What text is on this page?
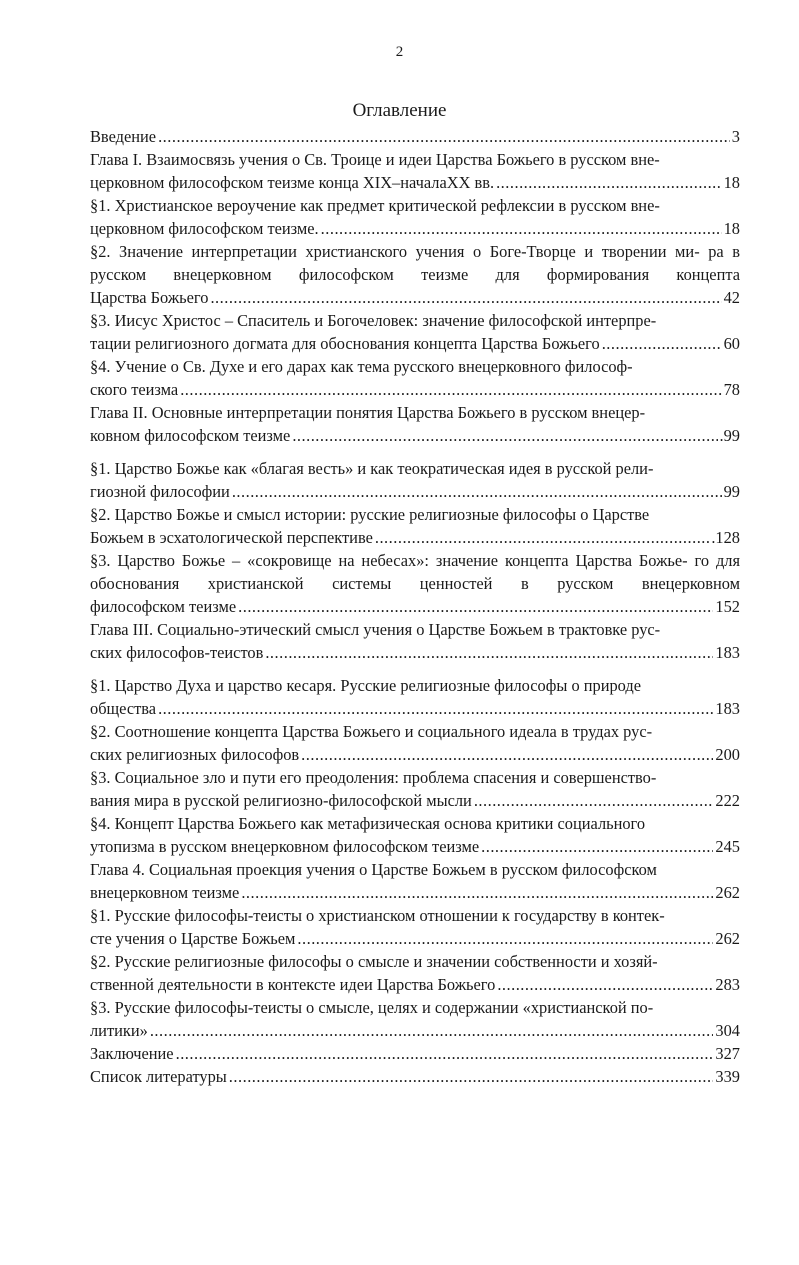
2
Оглавление
Введение .....	3
Глава I. Взаимосвязь учения о Св. Троице и идеи Царства Божьего в русском вне-
церковном философском теизме конца XIX–началаXX вв. .....	18
§1. Христианское вероучение как предмет критической рефлексии в русском вне-
церковном философском теизме. .....	18
§2. Значение интерпретации христианского учения о Боге-Творце и творении ми- ра в русском внецерковном философском теизме для формирования концепта
Царства Божьего .....	42
§3. Иисус Христос – Спаситель и Богочеловек: значение философской интерпре-
тации религиозного догмата для обоснования концепта Царства Божьего .....	60
§4. Учение о Св. Духе и его дарах как тема русского внецерковного философ-
ского теизма .....	78
Глава II. Основные интерпретации понятия Царства Божьего в русском внецер-
ковном философском теизме .....	.99
§1. Царство Божье как «благая весть» и как теократическая идея в русской рели-
гиозной философии .....	99
§2. Царство Божье и смысл истории: русские религиозные философы о Царстве
Божьем в эсхатологической перспективе .....	.128
§3. Царство Божье – «сокровище на небесах»: значение концепта Царства Божье- го для обоснования христианской системы ценностей в русском внецерковном
философском теизме .....	152
Глава III. Социально-этический смысл учения о Царстве Божьем в трактовке рус-
ских философов-теистов .....	183
§1. Царство Духа и царство кесаря. Русские религиозные философы о природе
общества .....	183
§2. Соотношение концепта Царства Божьего и социального идеала в трудах рус-
ских религиозных философов .....	200
§3. Социальное зло и пути его преодоления: проблема спасения и совершенство-
вания мира в русской религиозно-философской мысли .....	222
§4. Концепт Царства Божьего как метафизическая основа критики социального
утопизма в русском внецерковном философском теизме .....	245
Глава 4. Социальная проекция учения о Царстве Божьем в русском философском
внецерковном теизме .....	262
§1. Русские философы-теисты о христианском отношении к государству в контек-
сте учения о Царстве Божьем .....	262
§2. Русские религиозные философы о смысле и значении собственности и хозяй-
ственной деятельности в контексте идеи Царства Божьего .....	283
§3. Русские философы-теисты о смысле, целях и содержании «христианской по-
литики» .....	304
Заключение .....	327
Список литературы .....	339
